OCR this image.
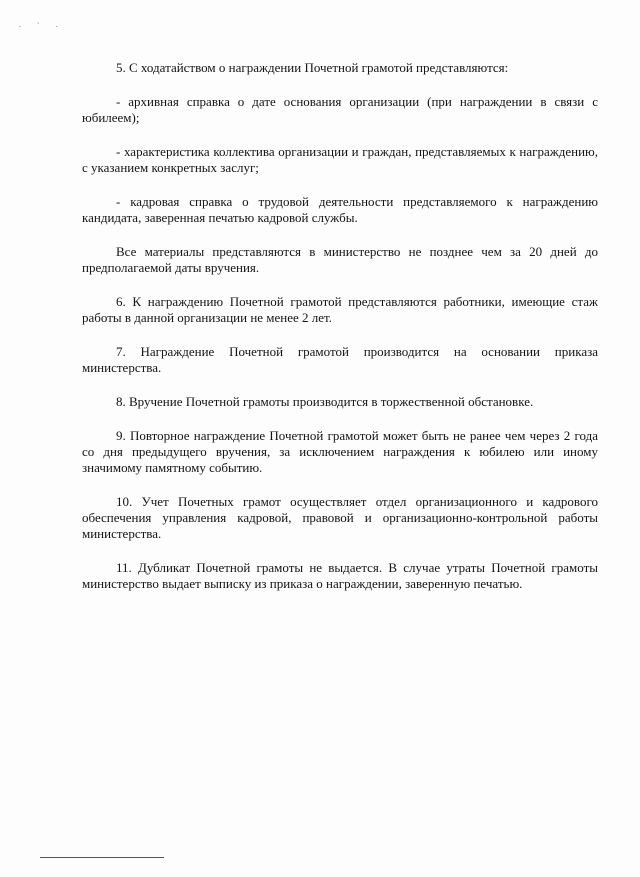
· ˋ ·

5. С ходатайством о награждении Почетной грамотой представляются:

- архивная справка о дате основания организации (при награждении в связи с юбилеем);

- характеристика коллектива организации и граждан, представляемых к награждению, с указанием конкретных заслуг;

- кадровая справка о трудовой деятельности представляемого к награждению кандидата, заверенная печатью кадровой службы.

Все материалы представляются в министерство не позднее чем за 20 дней до предполагаемой даты вручения.

6. К награждению Почетной грамотой представляются работники, имеющие стаж работы в данной организации не менее 2 лет.

7. Награждение Почетной грамотой производится на основании приказа министерства.

8. Вручение Почетной грамоты производится в торжественной обстановке.

9. Повторное награждение Почетной грамотой может быть не ранее чем через 2 года со дня предыдущего вручения, за исключением награждения к юбилею или иному значимому памятному событию.

10. Учет Почетных грамот осуществляет отдел организационного и кадрового обеспечения управления кадровой, правовой и организационно-контрольной работы министерства.

11. Дубликат Почетной грамоты не выдается. В случае утраты Почетной грамоты министерство выдает выписку из приказа о награждении, заверенную печатью.
